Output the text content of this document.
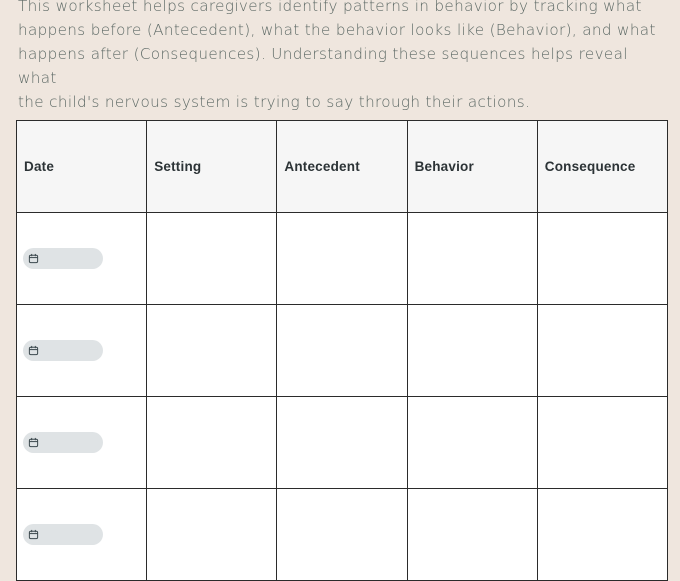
This worksheet helps caregivers identify patterns in behavior by tracking what
happens before (Antecedent), what the behavior looks like (Behavior), and what
happens after (Consequences). Understanding these sequences helps reveal what
the child's nervous system is trying to say through their actions.

Date	Setting	Antecedent	Behavior	Consequence
